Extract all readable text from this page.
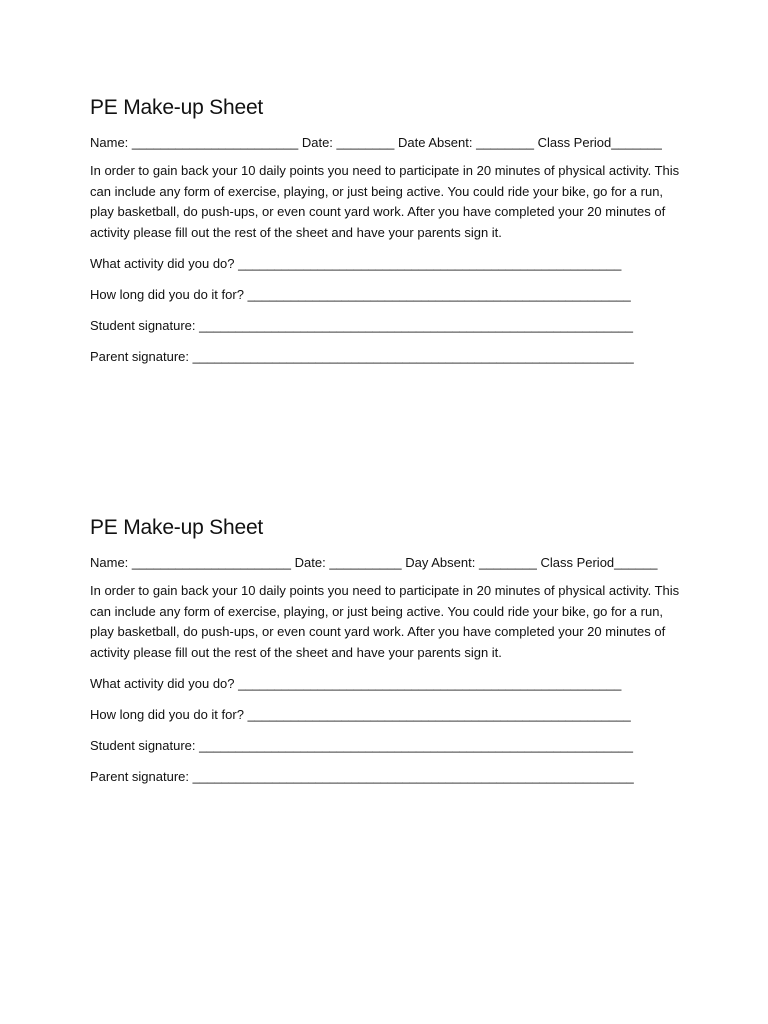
PE Make-up Sheet
Name: _______________________ Date: ________ Date Absent: ________ Class Period_______

In order to gain back your 10 daily points you need to participate in 20 minutes of physical activity. This can include any form of exercise, playing, or just being active. You could ride your bike, go for a run, play basketball, do push-ups, or even count yard work. After you have completed your 20 minutes of activity please fill out the rest of the sheet and have your parents sign it.

What activity did you do? _____________________________________________________
How long did you do it for? _____________________________________________________
Student signature: ____________________________________________________________
Parent signature: _____________________________________________________________
PE Make-up Sheet
Name: ______________________ Date: __________ Day Absent: ________ Class Period______

In order to gain back your 10 daily points you need to participate in 20 minutes of physical activity. This can include any form of exercise, playing, or just being active. You could ride your bike, go for a run, play basketball, do push-ups, or even count yard work. After you have completed your 20 minutes of activity please fill out the rest of the sheet and have your parents sign it.

What activity did you do? _____________________________________________________
How long did you do it for? _____________________________________________________
Student signature: ____________________________________________________________
Parent signature: _____________________________________________________________
